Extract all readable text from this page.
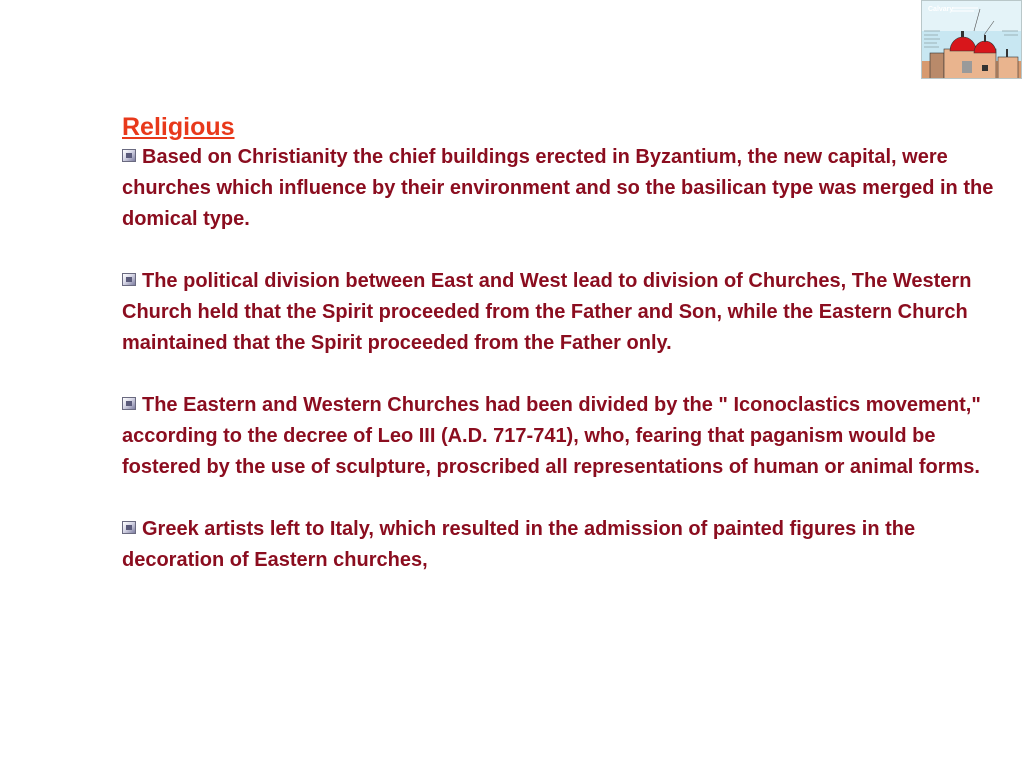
Calvary
Religious

Based on Christianity the chief buildings erected in Byzantium, the new capital, were churches which influence by their environment and so the basilican type was merged in the domical type.

The political division between East and West lead to division of Churches, The Western Church held that the Spirit proceeded from the Father and Son, while the Eastern Church maintained that the Spirit proceeded from the Father only.

The Eastern and Western Churches had been divided by the " Iconoclastics movement," according to the decree of Leo III (A.D. 717-741), who, fearing that paganism would be fostered by the use of sculpture, proscribed all representations of human or animal forms.

Greek artists left to Italy, which resulted in the admission of painted figures in the decoration of Eastern churches,
